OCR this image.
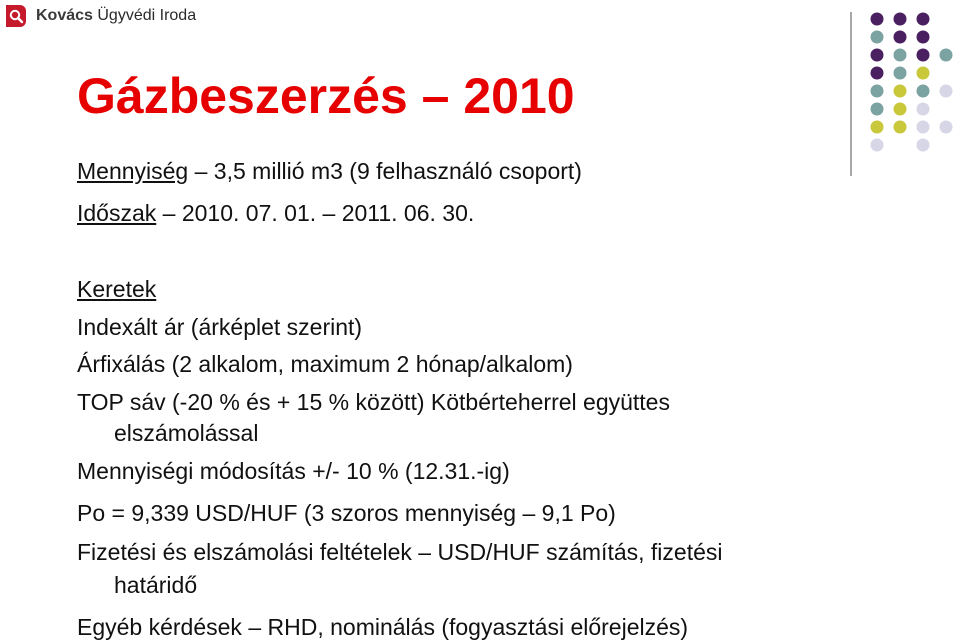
Kovács Ügyvédi Iroda
Gázbeszerzés – 2010

Mennyiség – 3,5 millió m3 (9 felhasználó csoport)

Időszak – 2010. 07. 01. – 2011. 06. 30.

Keretek

Indexált ár (árképlet szerint)

Árfixálás (2 alkalom, maximum 2 hónap/alkalom)

TOP sáv (-20 % és + 15 % között) Kötbérteherrel együttes

elszámolással

Mennyiségi módosítás +/- 10 % (12.31.-ig)

Po = 9,339 USD/HUF (3 szoros mennyiség – 9,1 Po)

Fizetési és elszámolási feltételek – USD/HUF számítás, fizetési

határidő

Egyéb kérdések – RHD, nominálás (fogyasztási előrejelzés)
